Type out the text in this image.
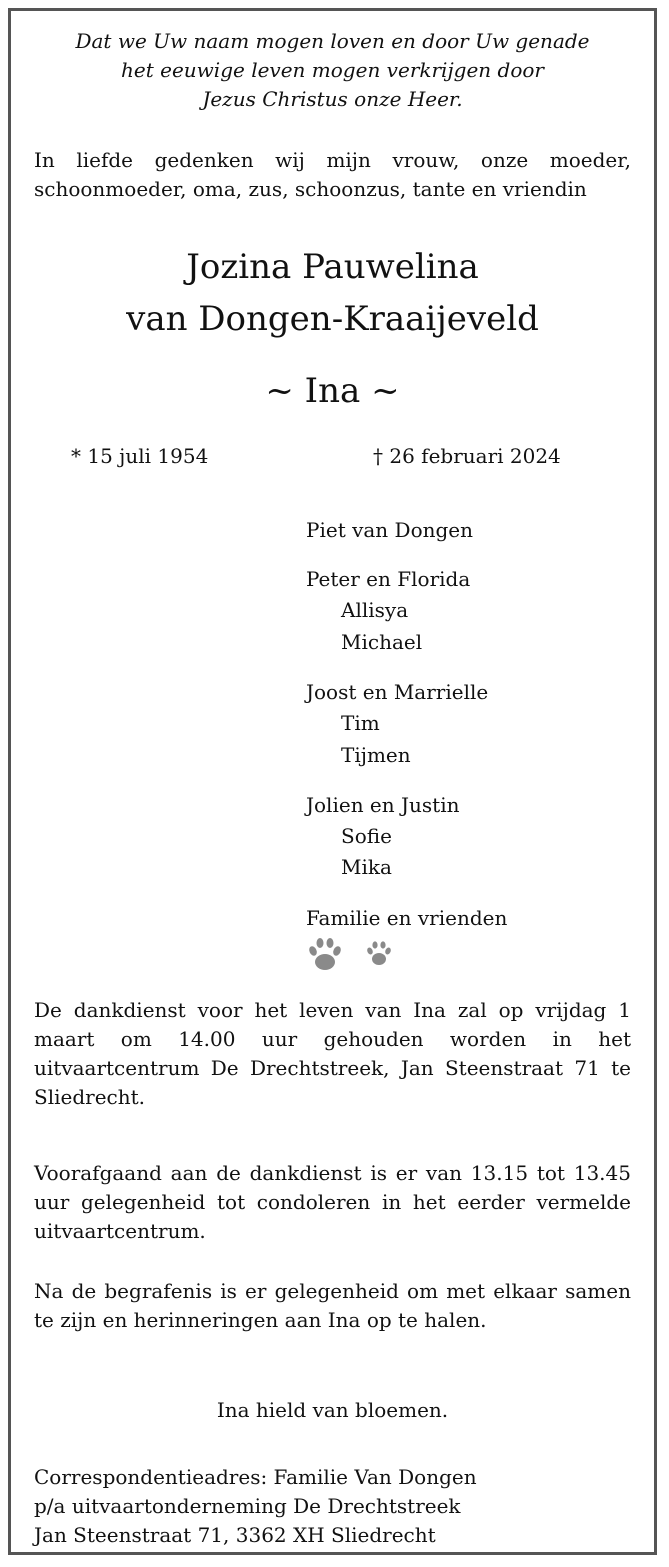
Dat we Uw naam mogen loven en door Uw genade
het eeuwige leven mogen verkrijgen door
Jezus Christus onze Heer.
In liefde gedenken wij mijn vrouw, onze moeder, schoonmoeder, oma, zus, schoonzus, tante en vriendin
Jozina Pauwelina
van Dongen-Kraaijeveld
~ Ina ~
* 15 juli 1954	† 26 februari 2024
Piet van Dongen
Peter en Florida
Allisya
Michael
Joost en Marrielle
Tim
Tijmen
Jolien en Justin
Sofie
Mika
Familie en vrienden
De dankdienst voor het leven van Ina zal op vrijdag 1 maart om 14.00 uur gehouden worden in het uitvaartcentrum De Drechtstreek, Jan Steenstraat 71 te Sliedrecht.
Voorafgaand aan de dankdienst is er van 13.15 tot 13.45 uur gelegenheid tot condoleren in het eerder vermelde uitvaartcentrum.
Na de begrafenis is er gelegenheid om met elkaar samen te zijn en herinneringen aan Ina op te halen.
Ina hield van bloemen.
Correspondentieadres: Familie Van Dongen
p/a uitvaartonderneming De Drechtstreek
Jan Steenstraat 71, 3362 XH Sliedrecht
